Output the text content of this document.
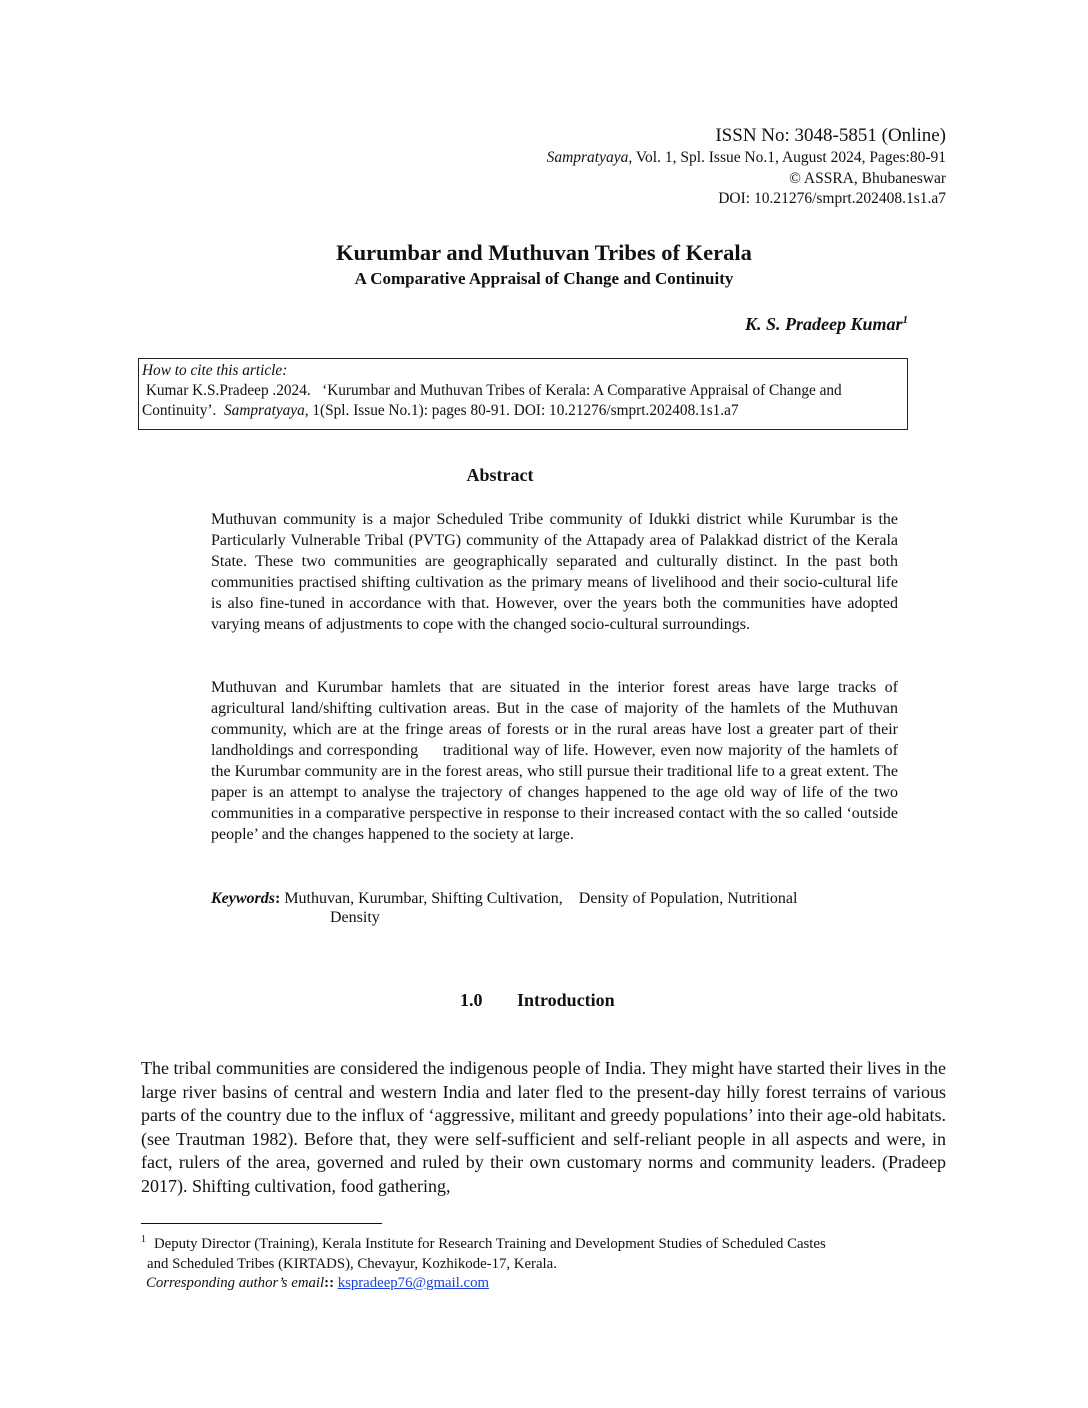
ISSN No: 3048-5851 (Online)
Sampratyaya, Vol. 1, Spl. Issue No.1, August 2024, Pages:80-91
© ASSRA, Bhubaneswar
DOI: 10.21276/smprt.202408.1s1.a7
Kurumbar and Muthuvan Tribes of Kerala
A Comparative Appraisal of Change and Continuity
K. S. Pradeep Kumar$^1$
How to cite this article:
Kumar K.S.Pradeep .2024.   ‘Kurumbar and Muthuvan Tribes of Kerala: A Comparative Appraisal of Change and
Continuity’.  Sampratyaya, 1(Spl. Issue No.1): pages 80-91. DOI: 10.21276/smprt.202408.1s1.a7
Abstract
Muthuvan community is a major Scheduled Tribe community of Idukki district while Kurumbar is the Particularly Vulnerable Tribal (PVTG) community of the Attapady area of Palakkad district of the Kerala State. These two communities are geographically separated and culturally distinct. In the past both communities practised shifting cultivation as the primary means of livelihood and their socio-cultural life is also fine-tuned in accordance with that. However, over the years both the communities have adopted varying means of adjustments to cope with the changed socio-cultural surroundings.
Muthuvan and Kurumbar hamlets that are situated in the interior forest areas have large tracks of agricultural land/shifting cultivation areas. But in the case of majority of the hamlets of the Muthuvan community, which are at the fringe areas of forests or in the rural areas have lost a greater part of their landholdings and corresponding     traditional way of life. However, even now majority of the hamlets of the Kurumbar community are in the forest areas, who still pursue their traditional life to a great extent. The paper is an attempt to analyse the trajectory of changes happened to the age old way of life of the two communities in a comparative perspective in response to their increased contact with the so called ‘outside people’ and the changes happened to the society at large.
Keywords: Muthuvan, Kurumbar, Shifting Cultivation,    Density of Population, Nutritional
Density
1.0 Introduction
The tribal communities are considered the indigenous people of India. They might have started their lives in the large river basins of central and western India and later fled to the present-day hilly forest terrains of various parts of the country due to the influx of ‘aggressive, militant and greedy populations’ into their age-old habitats. (see Trautman 1982). Before that, they were self-sufficient and self-reliant people in all aspects and were, in fact, rulers of the area, governed and ruled by their own customary norms and community leaders. (Pradeep 2017). Shifting cultivation, food gathering,
$^1$ Deputy Director (Training), Kerala Institute for Research Training and Development Studies of Scheduled Castes
and Scheduled Tribes (KIRTADS), Chevayur, Kozhikode-17, Kerala.
Corresponding author’s email:: kspradeep76@gmail.com
